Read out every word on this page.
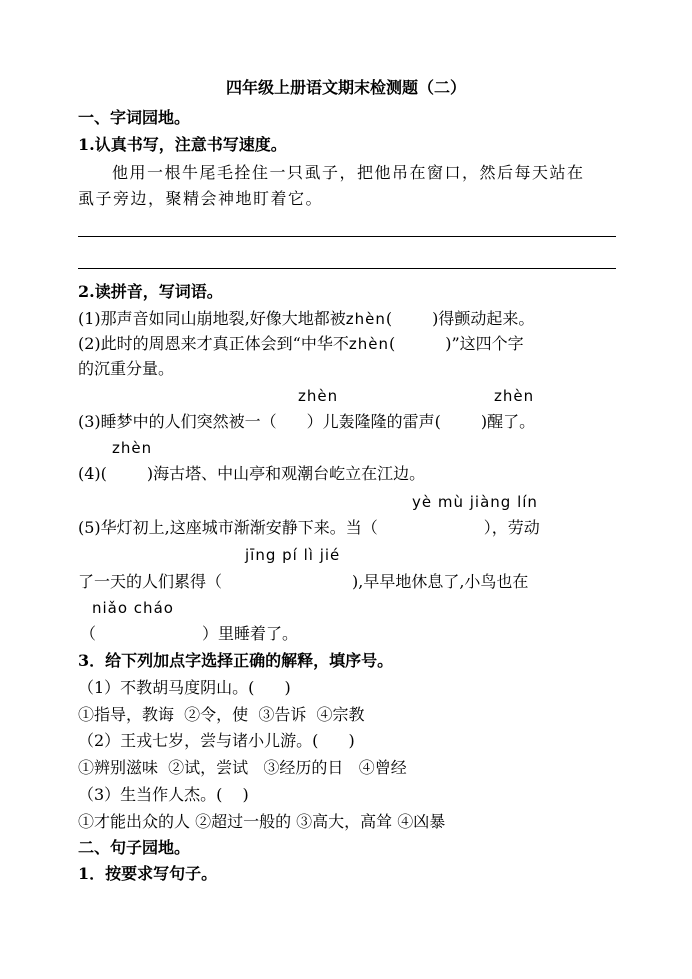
四年级上册语文期末检测题（二）
一、字词园地。
1.认真书写，注意书写速度。
他用一根牛尾毛拴住一只虱子，把他吊在窗口，然后每天站在
虱子旁边，聚精会神地盯着它。
2.读拼音，写词语。
(1)那声音如同山崩地裂,好像大地都被zhèn(	)得颤动起来。
(2)此时的周恩来才真正体会到“中华不zhèn(	)”这四个字
的沉重分量。
zhèn	zhèn
(3)睡梦中的人们突然被一（ ）儿轰隆隆的雷声(	)醒了。
zhèn
(4)(	)海古塔、中山亭和观潮台屹立在江边。
yè mù jiàng lín
(5)华灯初上,这座城市渐渐安静下来。当（	），劳动
jīng pí lì jié
了一天的人们累得（	),早早地休息了,小鸟也在
niǎo cháo
（	）里睡着了。
3．给下列加点字选择正确的解释，填序号。
（1）不教胡马度阴山。( )
①指导，教诲  ②令，使  ③告诉  ④宗教
（2）王戎七岁，尝与诸小儿游。( )
①辨别滋味  ②试，尝试   ③经历的日   ④曾经
（3）生当作人杰。( )
①才能出众的人 ②超过一般的 ③高大，高耸 ④凶暴
二、句子园地。
1．按要求写句子。
